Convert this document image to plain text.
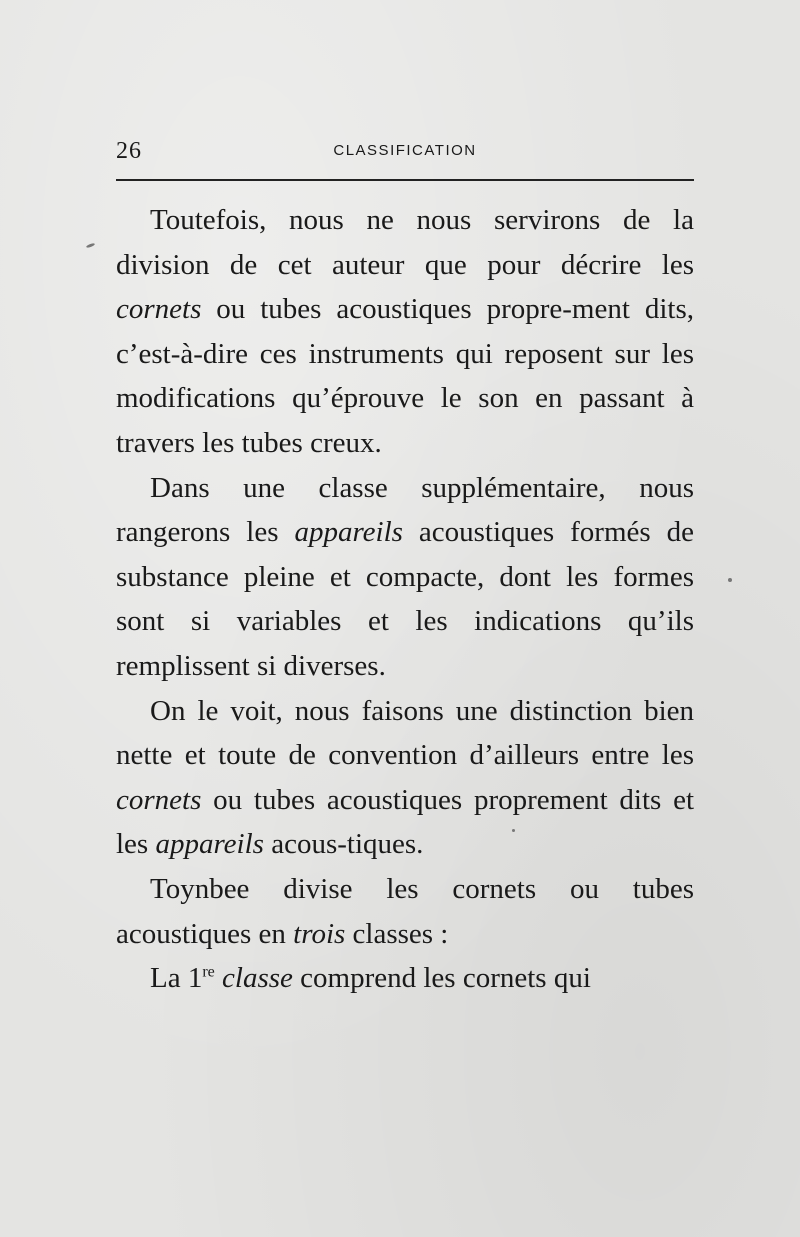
26	CLASSIFICATION

Toutefois, nous ne nous servirons de la division de cet auteur que pour décrire les cornets ou tubes acoustiques propre-ment dits, c’est-à-dire ces instruments qui reposent sur les modifications qu’éprouve le son en passant à travers les tubes creux.

Dans une classe supplémentaire, nous rangerons les appareils acoustiques formés de substance pleine et compacte, dont les formes sont si variables et les indications qu’ils remplissent si diverses.

On le voit, nous faisons une distinction bien nette et toute de convention d’ailleurs entre les cornets ou tubes acoustiques proprement dits et les appareils acous-tiques.

Toynbee divise les cornets ou tubes acoustiques en trois classes :

La 1re classe comprend les cornets qui
